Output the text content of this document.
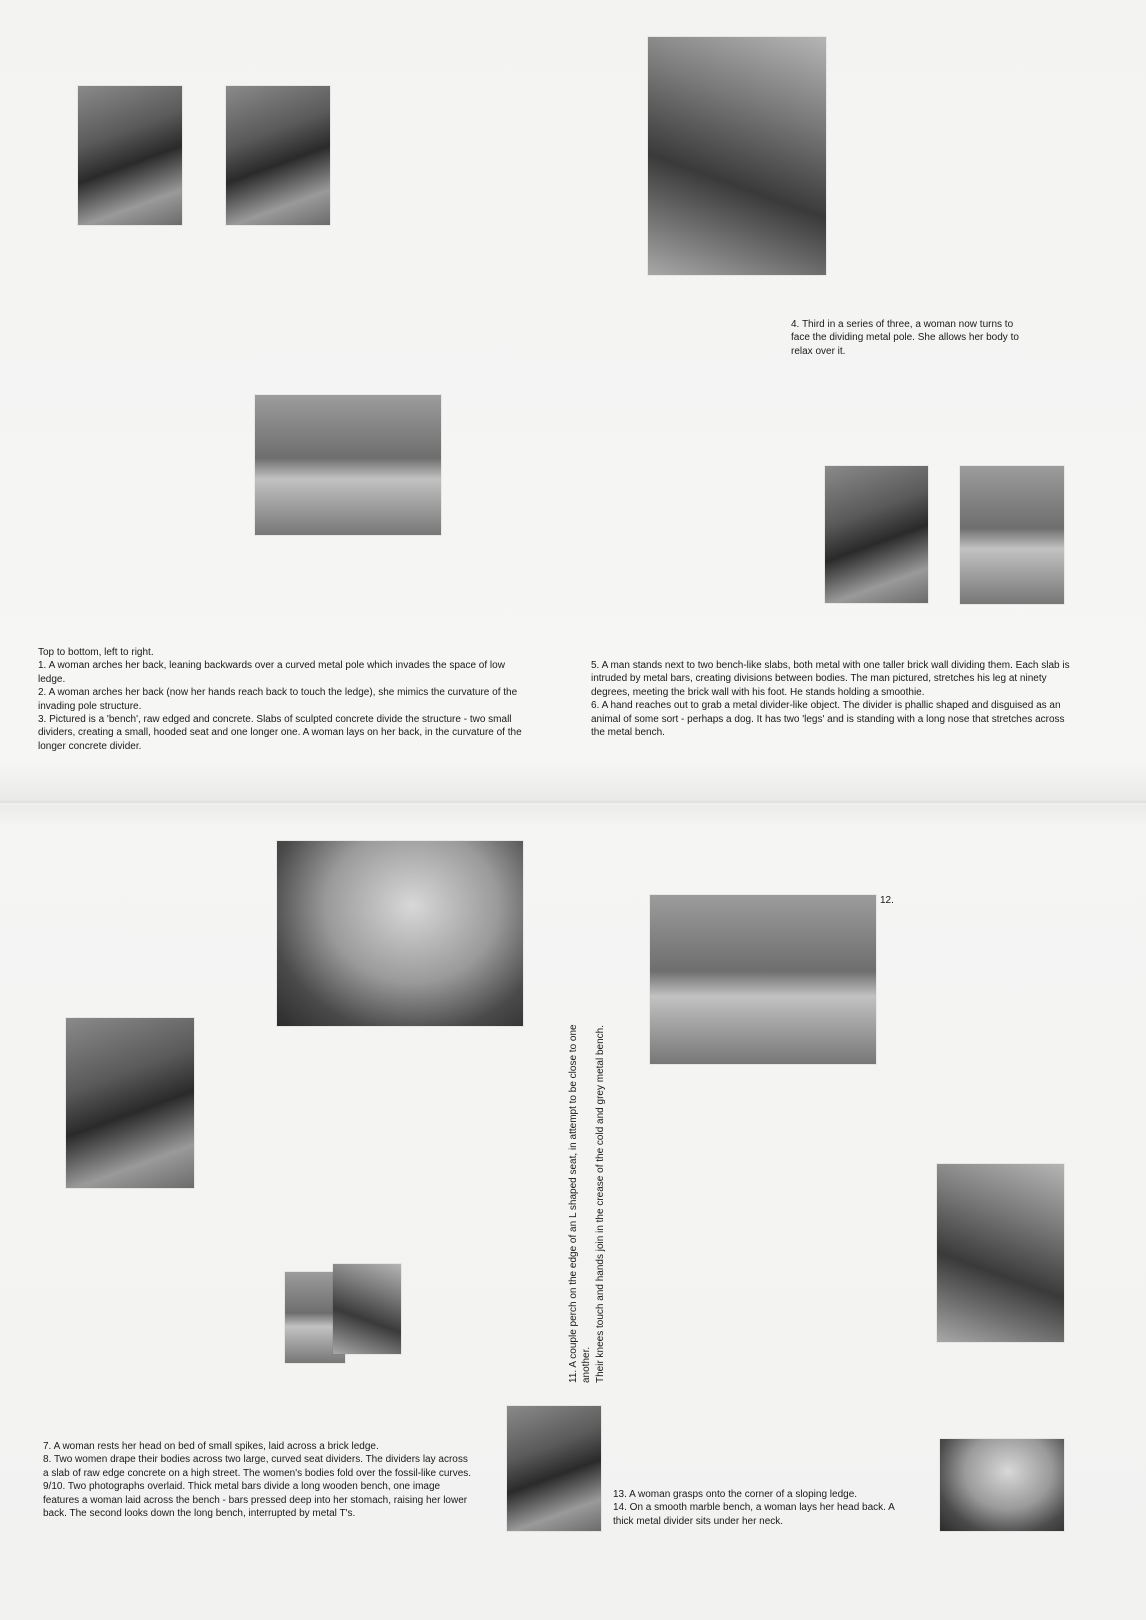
4. Third in a series of three, a woman now turns to face the dividing metal pole. She allows her body to relax over it.

Top to bottom, left to right.

1. A woman arches her back, leaning backwards over a curved metal pole which invades the space of low ledge.

2. A woman arches her back (now her hands reach back to touch the ledge), she mimics the curvature of the invading pole structure.

3. Pictured is a 'bench', raw edged and concrete. Slabs of sculpted concrete divide the structure - two small dividers, creating a small, hooded seat and one longer one. A woman lays on her back, in the curvature of the longer concrete divider.

5. A man stands next to two bench-like slabs, both metal with one taller brick wall dividing them. Each slab is intruded by metal bars, creating divisions between bodies. The man pictured, stretches his leg at ninety degrees, meeting the brick wall with his foot. He stands holding a smoothie.

6. A hand reaches out to grab a metal divider-like object. The divider is phallic shaped and disguised as an animal of some sort - perhaps a dog. It has two 'legs' and is standing with a long nose that stretches across the metal bench.

12.

11. A couple perch on the edge of an L shaped seat, in attempt to be close to one another. Their knees touch and hands join in the crease of the cold and grey metal bench.

7. A woman rests her head on bed of small spikes, laid across a brick ledge.

8. Two women drape their bodies across two large, curved seat dividers. The dividers lay across a slab of raw edge concrete on a high street. The women's bodies fold over the fossil-like curves.

9/10. Two photographs overlaid. Thick metal bars divide a long wooden bench, one image features a woman laid across the bench - bars pressed deep into her stomach, raising her lower back. The second looks down the long bench, interrupted by metal T's.

13. A woman grasps onto the corner of a sloping ledge.

14. On a smooth marble bench, a woman lays her head back. A thick metal divider sits under her neck.
